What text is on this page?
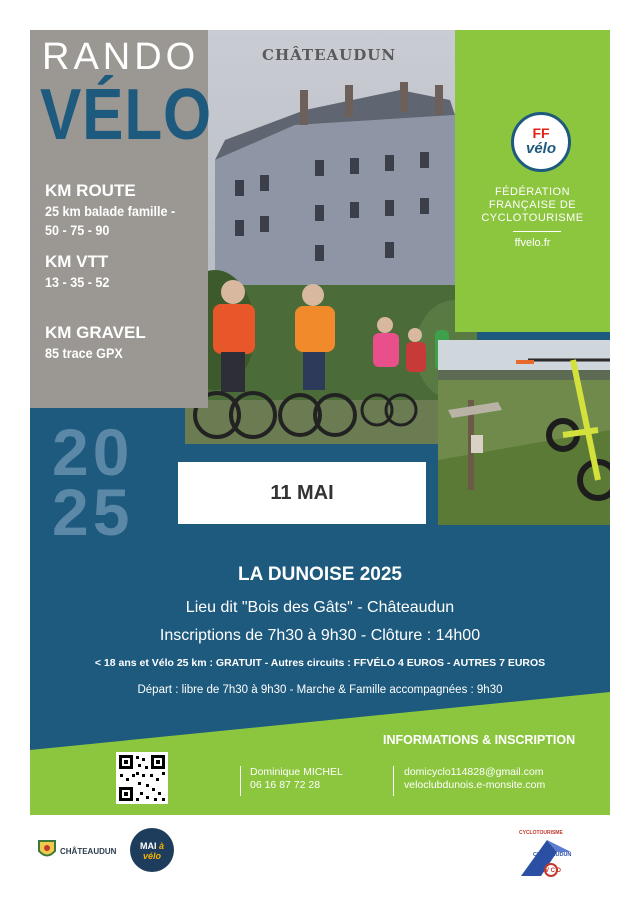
CHÂTEAUDUN
RANDO
VÉLO
KM ROUTE
25 km balade famille -
50 - 75 - 90
KM VTT
13 - 35 - 52
KM GRAVEL
85 trace GPX
20
25
FF
vélo
FÉDÉRATION
FRANÇAISE DE
CYCLOTOURISME
ffvelo.fr
11 MAI
LA DUNOISE 2025
Lieu dit "Bois des Gâts" - Châteaudun
Inscriptions de 7h30 à 9h30 - Clôture : 14h00
< 18 ans et Vélo 25 km : GRATUIT - Autres circuits : FFVÉLO 4 EUROS - AUTRES 7 EUROS
Départ : libre de 7h30 à 9h30 - Marche & Famille accompagnées : 9h30
INFORMATIONS & INSCRIPTION
Dominique MICHEL
06 16 87 72 28
domicyclo114828@gmail.com
veloclubdunois.e-monsite.com
CHÂTEAUDUN
MAI à vélo
CYCLOTOURISME
CHATEAUDUN
V C D
